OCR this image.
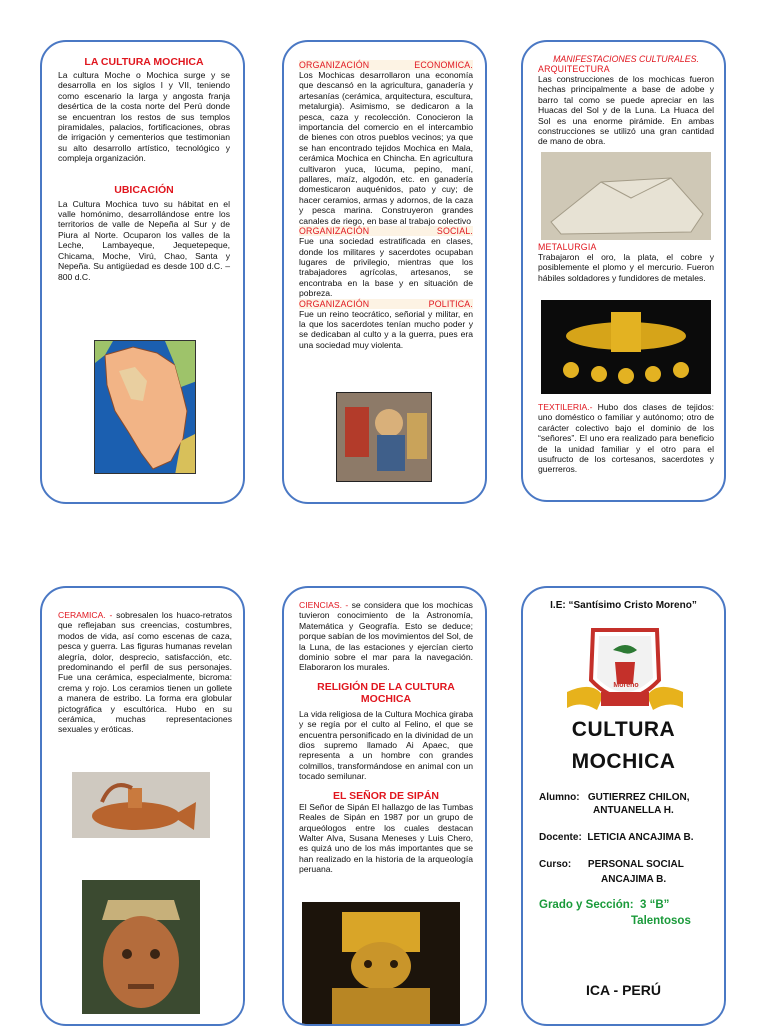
LA CULTURA MOCHICA

La cultura Moche o Mochica surge y se desarrolla en los siglos I y VII, teniendo como escenario la larga y angosta franja desértica de la costa norte del Perú donde se encuentran los restos de sus templos piramidales, palacios, fortificaciones, obras de irrigación y cementerios que testimonian su alto desarrollo artístico, tecnológico y compleja organización.

UBICACIÓN

La Cultura Mochica tuvo su hábitat en el valle homónimo, desarrollándose entre los territorios de valle de Nepeña al Sur y de Piura al Norte. Ocuparon los valles de la Leche, Lambayeque, Jequetepeque, Chicama, Moche, Virú, Chao, Santa y Nepeña. Su antigüedad es desde 100 d.C. – 800 d.C.

ORGANIZACIÓN ECONOMICA.

Los Mochicas desarrollaron una economía que descansó en la agricultura, ganadería y artesanías (cerámica, arquitectura, escultura, metalurgia). Asimismo, se dedicaron a la pesca, caza y recolección. Conocieron la importancia del comercio en el intercambio de bienes con otros pueblos vecinos; ya que se han encontrado tejidos Mochica en Mala, cerámica Mochica en Chincha. En agricultura cultivaron yuca, lúcuma, pepino, maní, pallares, maíz, algodón, etc. en ganadería domesticaron auquénidos, pato y cuy; de hacer ceramios, armas y adornos, de la caza y pesca marina. Construyeron grandes canales de riego, en base al trabajo colectivo

ORGANIZACIÓN SOCIAL.

Fue una sociedad estratificada en clases, donde los militares y sacerdotes ocupaban lugares de privilegio, mientras que los trabajadores agrícolas, artesanos, se encontraba en la base y en situación de pobreza.

ORGANIZACIÓN POLITICA.

Fue un reino teocrático, señorial y militar, en la que los sacerdotes tenían mucho poder y se dedicaban al culto y a la guerra, pues era una sociedad muy violenta.

MANIFESTACIONES CULTURALES.

ARQUITECTURA

Las construcciones de los mochicas fueron hechas principalmente a base de adobe y barro tal como se puede apreciar en las Huacas del Sol y de la Luna. La Huaca del Sol es una enorme pirámide. En ambas construcciones se utilizó una gran cantidad de mano de obra.

METALURGIA

Trabajaron el oro, la plata, el cobre y posiblemente el plomo y el mercurio. Fueron hábiles soldadores y fundidores de metales.

TEXTILERIA.- Hubo dos clases de tejidos: uno doméstico o familiar y autónomo; otro de carácter colectivo bajo el dominio de los “señores”. El uno era realizado para beneficio de la unidad familiar y el otro para el usufructo de los cortesanos, sacerdotes y guerreros.

CERAMICA. - sobresalen los huaco-retratos que reflejaban sus creencias, costumbres, modos de vida, así como escenas de caza, pesca y guerra. Las figuras humanas revelan alegría, dolor, desprecio, satisfacción, etc. predominando el perfil de sus personajes. Fue una cerámica, especialmente, bicroma: crema y rojo. Los ceramios tienen un gollete a manera de estribo. La forma era globular pictográfica y escultórica. Hubo en su cerámica, muchas representaciones sexuales y eróticas.

CIENCIAS. - se considera que los mochicas tuvieron conocimiento de la Astronomía, Matemática y Geografía. Esto se deduce; porque sabían de los movimientos del Sol, de la Luna, de las estaciones y ejercían cierto dominio sobre el mar para la navegación. Elaboraron los murales.

RELIGIÓN DE LA CULTURA MOCHICA

La vida religiosa de la Cultura Mochica giraba y se regía por el culto al Felino, el que se encuentra personificado en la divinidad de un dios supremo llamado Ai Apaec, que representa a un hombre con grandes colmillos, transformándose en animal con un tocado semilunar.

EL SEÑOR DE SIPÁN

El Señor de Sipán El hallazgo de las Tumbas Reales de Sipán en 1987 por un grupo de arqueólogos entre los cuales destacan Walter Alva, Susana Meneses y Luis Chero, es quizá uno de los más importantes que se han realizado en la historia de la arqueología peruana.

I.E: “Santísimo Cristo Moreno”

Moreno

CULTURA

MOCHICA

Alumno: GUTIERREZ CHILON,

ANTUANELLA H.

Docente: LETICIA ANCAJIMA B.

Curso: PERSONAL SOCIAL

ANCAJIMA B.

Grado y Sección: 3 “B”

Talentosos

ICA - PERÚ
